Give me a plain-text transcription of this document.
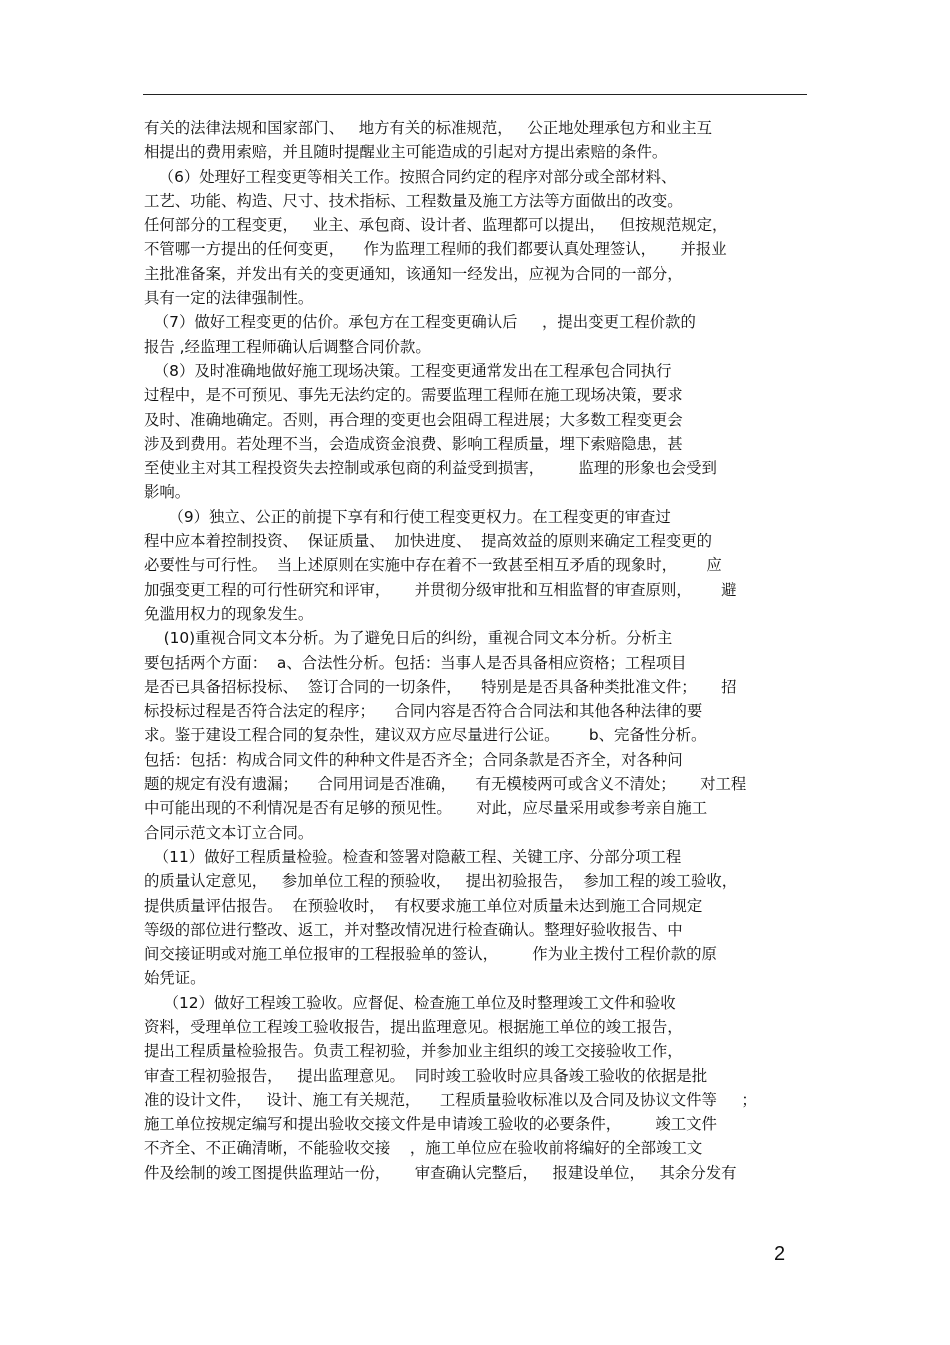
有关的法律法规和国家部门、   地方有关的标准规范，   公正地处理承包方和业主互
相提出的费用索赔，并且随时提醒业主可能造成的引起对方提出索赔的条件。
（6）处理好工程变更等相关工作。按照合同约定的程序对部分或全部材料、
工艺、功能、构造、尺寸、技术指标、工程数量及施工方法等方面做出的改变。
任何部分的工程变更，   业主、承包商、设计者、监理都可以提出，   但按规范规定，
不管哪一方提出的任何变更，    作为监理工程师的我们都要认真处理签认，     并报业
主批准备案，并发出有关的变更通知，该通知一经发出，应视为合同的一部分，
具有一定的法律强制性。
（7）做好工程变更的估价。承包方在工程变更确认后     ，提出变更工程价款的
报告 ,经监理工程师确认后调整合同价款。
（8）及时准确地做好施工现场决策。工程变更通常发出在工程承包合同执行
过程中，是不可预见、事先无法约定的。需要监理工程师在施工现场决策，要求
及时、准确地确定。否则，再合理的变更也会阻碍工程进展；大多数工程变更会
涉及到费用。若处理不当，会造成资金浪费、影响工程质量，埋下索赔隐患，甚
至使业主对其工程投资失去控制或承包商的利益受到损害，       监理的形象也会受到
影响。
（9）独立、公正的前提下享有和行使工程变更权力。在工程变更的审查过
程中应本着控制投资、  保证质量、  加快进度、  提高效益的原则来确定工程变更的
必要性与可行性。  当上述原则在实施中存在着不一致甚至相互矛盾的现象时，      应
加强变更工程的可行性研究和评审，     并贯彻分级审批和互相监督的审查原则，      避
免滥用权力的现象发生。
(10)重视合同文本分析。为了避免日后的纠纷，重视合同文本分析。分析主
要包括两个方面：  a、合法性分析。包括：当事人是否具备相应资格；工程项目
是否已具备招标投标、  签订合同的一切条件，    特别是是否具备种类批准文件；     招
标投标过程是否符合法定的程序；    合同内容是否符合合同法和其他各种法律的要
求。鉴于建设工程合同的复杂性，建议双方应尽量进行公证。      b、完备性分析。
包括：包括：构成合同文件的种种文件是否齐全；合同条款是否齐全，对各种问
题的规定有没有遗漏；    合同用词是否准确，    有无模棱两可或含义不清处；     对工程
中可能出现的不利情况是否有足够的预见性。     对此，应尽量采用或参考亲自施工
合同示范文本订立合同。
（11）做好工程质量检验。检查和签署对隐蔽工程、关键工序、分部分项工程
的质量认定意见，   参加单位工程的预验收，   提出初验报告，  参加工程的竣工验收，
提供质量评估报告。  在预验收时，  有权要求施工单位对质量未达到施工合同规定
等级的部位进行整改、返工，并对整改情况进行检查确认。整理好验收报告、中
间交接证明或对施工单位报审的工程报验单的签认，       作为业主拨付工程价款的原
始凭证。
（12）做好工程竣工验收。应督促、检查施工单位及时整理竣工文件和验收
资料，受理单位工程竣工验收报告，提出监理意见。根据施工单位的竣工报告，
提出工程质量检验报告。负责工程初验，并参加业主组织的竣工交接验收工作，
审查工程初验报告，   提出监理意见。  同时竣工验收时应具备竣工验收的依据是批
准的设计文件，   设计、施工有关规范，    工程质量验收标准以及合同及协议文件等     ；
施工单位按规定编写和提出验收交接文件是申请竣工验收的必要条件，       竣工文件
不齐全、不正确清晰，不能验收交接    ，施工单位应在验收前将编好的全部竣工文
件及绘制的竣工图提供监理站一份，     审查确认完整后，   报建设单位，   其余分发有
2
